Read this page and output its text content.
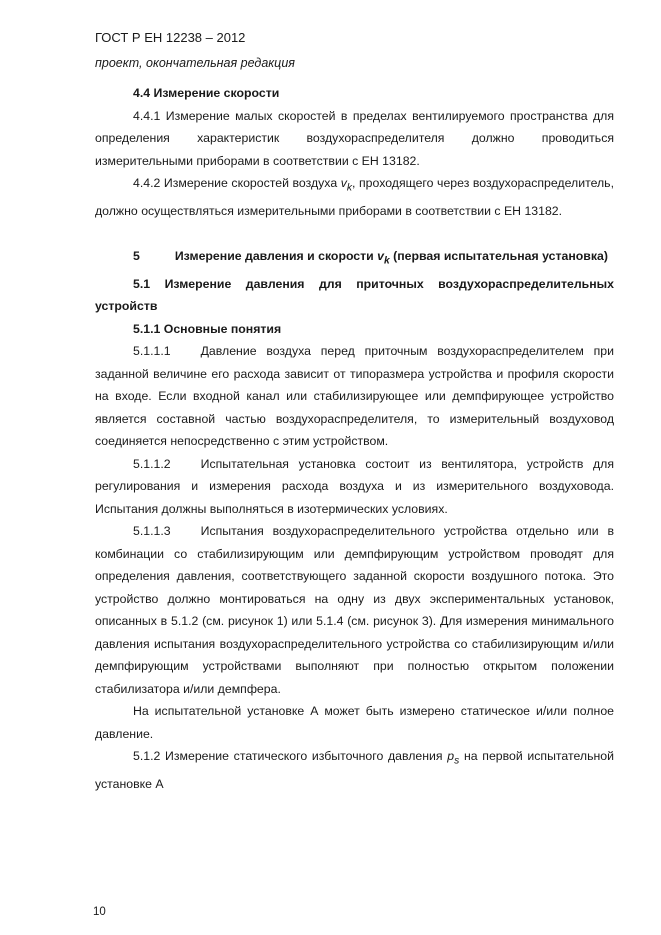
ГОСТ Р ЕН 12238 – 2012
проект, окончательная редакция

4.4 Измерение скорости

4.4.1 Измерение малых скоростей в пределах вентилируемого пространства для определения характеристик воздухораспределителя должно проводиться измерительными приборами в соответствии с ЕН 13182.

4.4.2 Измерение скоростей воздуха $v_k$, проходящего через воздухораспределитель, должно осуществляться измерительными приборами в соответствии с ЕН 13182.

5	Измерение давления и скорости $v_k$ (первая испытательная установка)

5.1 Измерение давления для приточных воздухораспределительных устройств

5.1.1 Основные понятия

5.1.1.1 Давление воздуха перед приточным воздухораспределителем при заданной величине его расхода зависит от типоразмера устройства и профиля скорости на входе. Если входной канал или стабилизирующее или демпфирующее устройство является составной частью воздухораспределителя, то измерительный воздуховод соединяется непосредственно с этим устройством.

5.1.1.2 Испытательная установка состоит из вентилятора, устройств для регулирования и измерения расхода воздуха и из измерительного воздуховода. Испытания должны выполняться в изотермических условиях.

5.1.1.3 Испытания воздухораспределительного устройства отдельно или в комбинации со стабилизирующим или демпфирующим устройством проводят для определения давления, соответствующего заданной скорости воздушного потока. Это устройство должно монтироваться на одну из двух экспериментальных установок, описанных в 5.1.2 (см. рисунок 1) или 5.1.4 (см. рисунок 3). Для измерения минимального давления испытания воздухораспределительного устройства со стабилизирующим и/или демпфирующим устройствами выполняют при полностью открытом положении стабилизатора и/или демпфера.

На испытательной установке А может быть измерено статическое и/или полное давление.

5.1.2 Измерение статического избыточного давления $p_s$ на первой испытательной установке А

10
